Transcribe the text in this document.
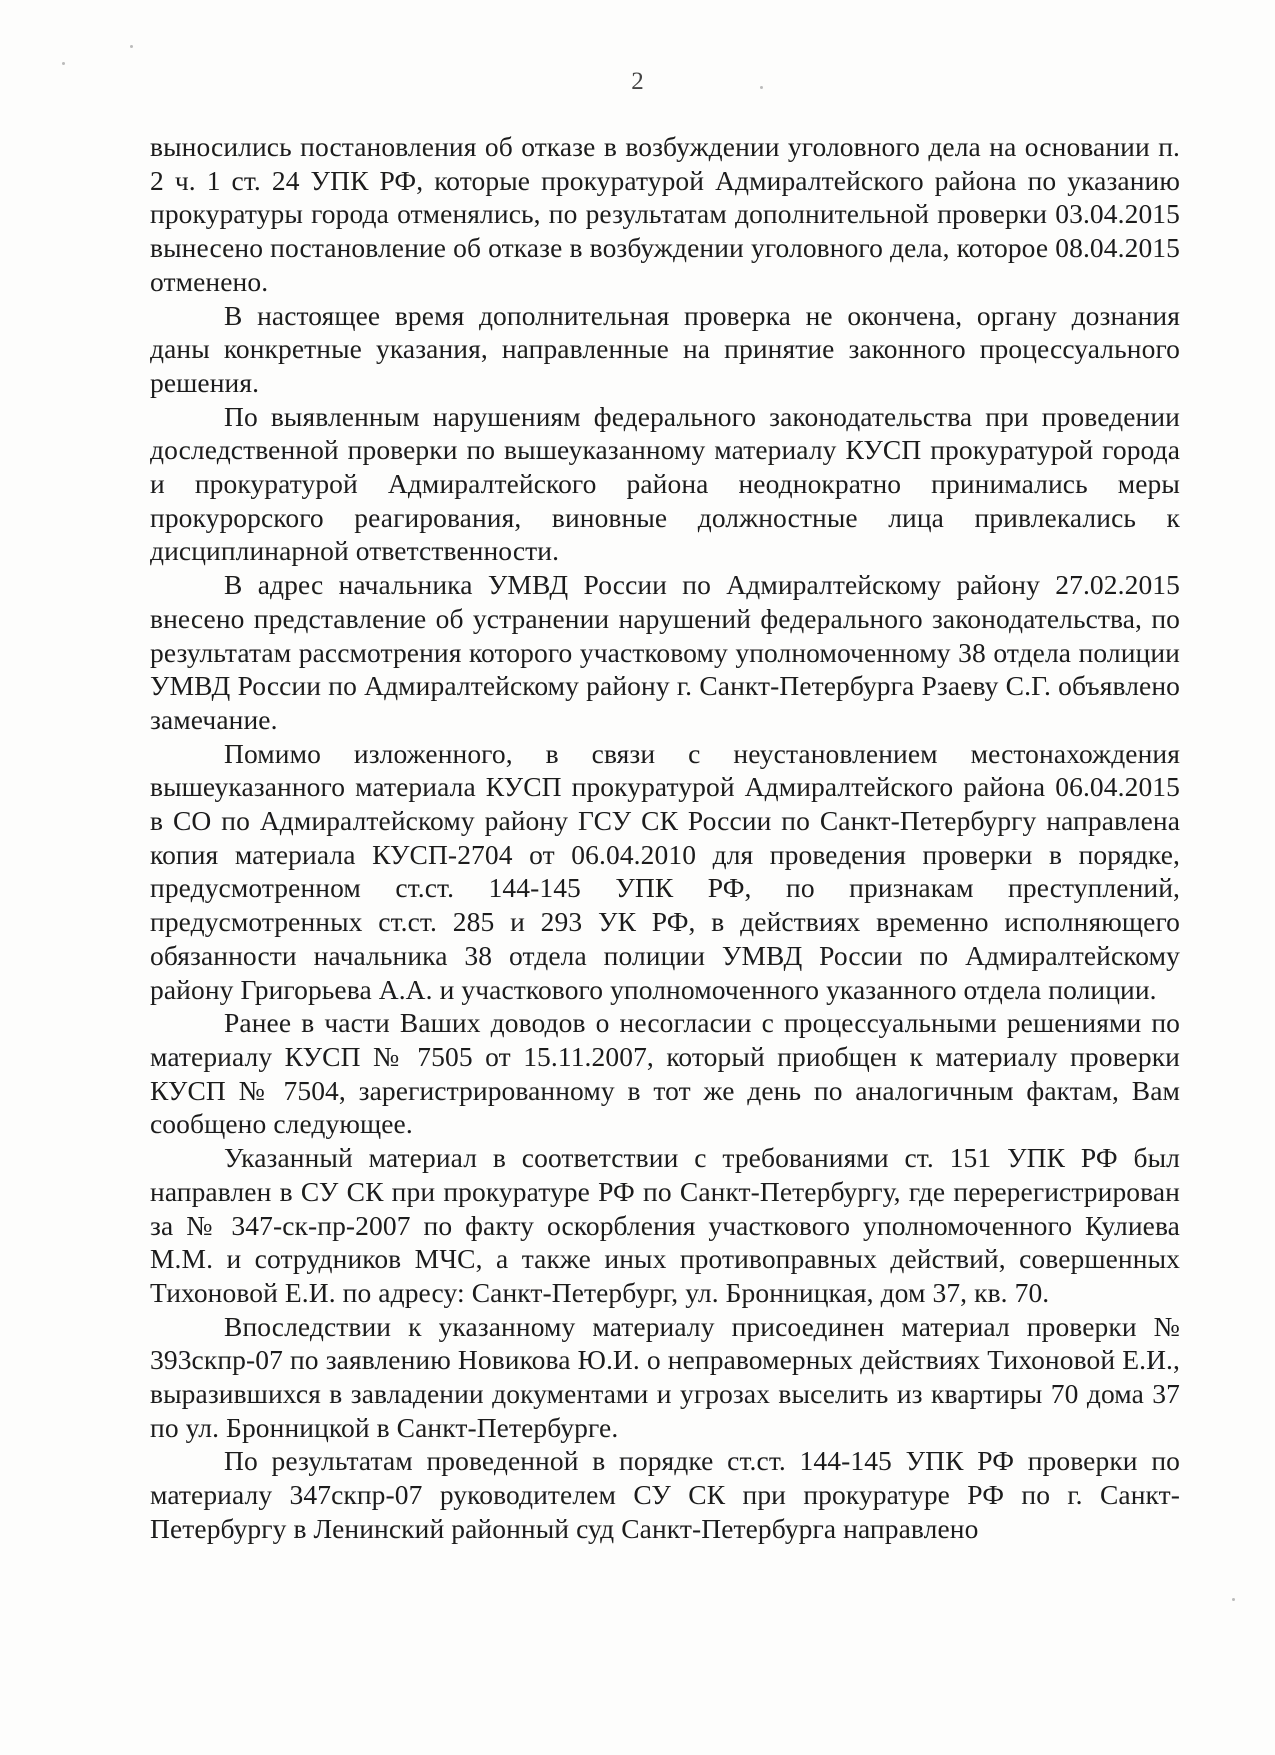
2

выносились постановления об отказе в возбуждении уголовного дела на основании п. 2 ч. 1 ст. 24 УПК РФ, которые прокуратурой Адмиралтейского района по указанию прокуратуры города отменялись, по результатам дополнительной проверки 03.04.2015 вынесено постановление об отказе в возбуждении уголовного дела, которое 08.04.2015 отменено.

В настоящее время дополнительная проверка не окончена, органу дознания даны конкретные указания, направленные на принятие законного процессуального решения.

По выявленным нарушениям федерального законодательства при проведении доследственной проверки по вышеуказанному материалу КУСП прокуратурой города и прокуратурой Адмиралтейского района неоднократно принимались меры прокурорского реагирования, виновные должностные лица привлекались к дисциплинарной ответственности.

В адрес начальника УМВД России по Адмиралтейскому району 27.02.2015 внесено представление об устранении нарушений федерального законодательства, по результатам рассмотрения которого участковому уполномоченному 38 отдела полиции УМВД России по Адмиралтейскому району г. Санкт-Петербурга Рзаеву С.Г. объявлено замечание.

Помимо изложенного, в связи с неустановлением местонахождения вышеуказанного материала КУСП прокуратурой Адмиралтейского района 06.04.2015 в СО по Адмиралтейскому району ГСУ СК России по Санкт-Петербургу направлена копия материала КУСП-2704 от 06.04.2010 для проведения проверки в порядке, предусмотренном ст.ст. 144-145 УПК РФ, по признакам преступлений, предусмотренных ст.ст. 285 и 293 УК РФ, в действиях временно исполняющего обязанности начальника 38 отдела полиции УМВД России по Адмиралтейскому району Григорьева А.А. и участкового уполномоченного указанного отдела полиции.

Ранее в части Ваших доводов о несогласии с процессуальными решениями по материалу КУСП № 7505 от 15.11.2007, который приобщен к материалу проверки КУСП № 7504, зарегистрированному в тот же день по аналогичным фактам, Вам сообщено следующее.

Указанный материал в соответствии с требованиями ст. 151 УПК РФ был направлен в СУ СК при прокуратуре РФ по Санкт-Петербургу, где перерегистрирован за № 347-ск-пр-2007 по факту оскорбления участкового уполномоченного Кулиева М.М. и сотрудников МЧС, а также иных противоправных действий, совершенных Тихоновой Е.И. по адресу: Санкт-Петербург, ул. Бронницкая, дом 37, кв. 70.

Впоследствии к указанному материалу присоединен материал проверки № 393скпр-07 по заявлению Новикова Ю.И. о неправомерных действиях Тихоновой Е.И., выразившихся в завладении документами и угрозах выселить из квартиры 70 дома 37 по ул. Бронницкой в Санкт-Петербурге.

По результатам проведенной в порядке ст.ст. 144-145 УПК РФ проверки по материалу 347скпр-07 руководителем СУ СК при прокуратуре РФ по г. Санкт-Петербургу в Ленинский районный суд Санкт-Петербурга направлено
